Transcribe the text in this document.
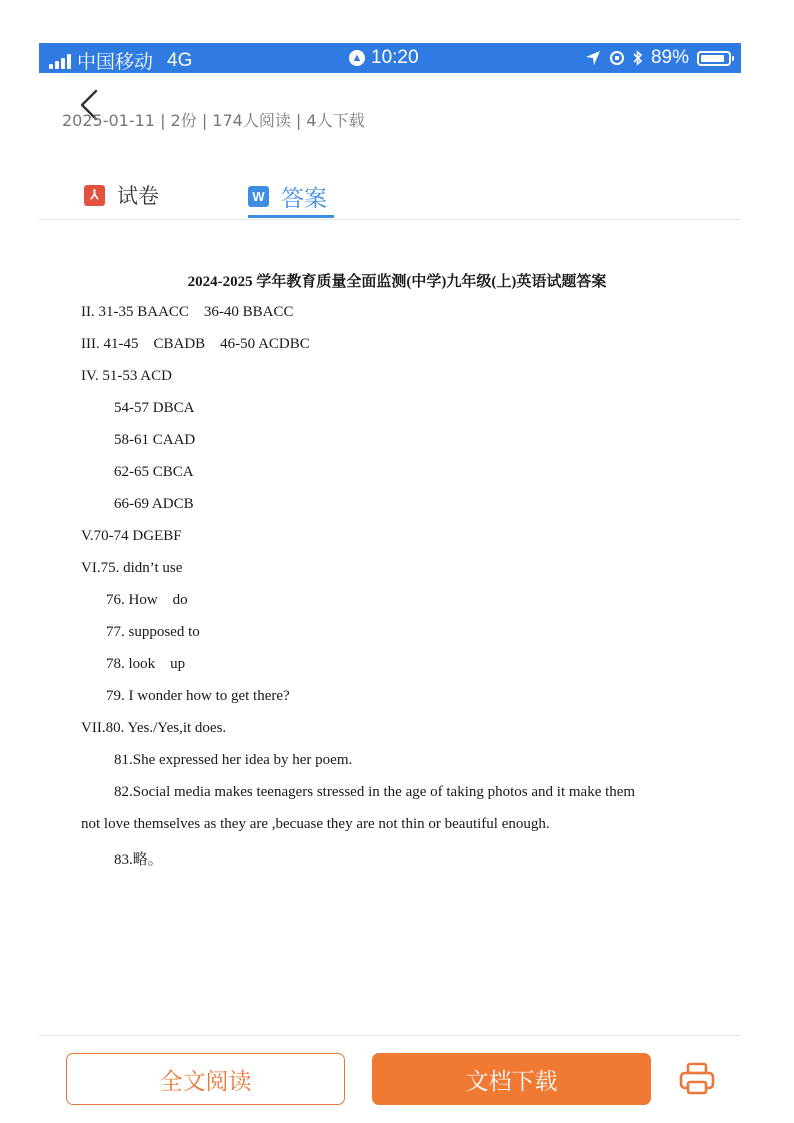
中国移动 4G	▲ 10:20	89%
2025-01-11 | 2份 | 174人阅读 | 4人下载
⅄ 试卷	W 答案
2024-2025 学年教育质量全面监测(中学)九年级(上)英语试题答案
II. 31-35 BAACC    36-40 BBACC
III. 41-45    CBADB    46-50 ACDBC
IV. 51-53 ACD
54-57 DBCA
58-61 CAAD
62-65 CBCA
66-69 ADCB
V.70-74 DGEBF
VI.75. didn’t use
76. How    do
77. supposed to
78. look    up
79. I wonder how to get there?
VII.80. Yes./Yes,it does.
81.She expressed her idea by her poem.
82.Social media makes teenagers stressed in the age of taking photos and it make them
not love themselves as they are ,becuase they are not thin or beautiful enough.
83.略。
全文阅读	文档下载
